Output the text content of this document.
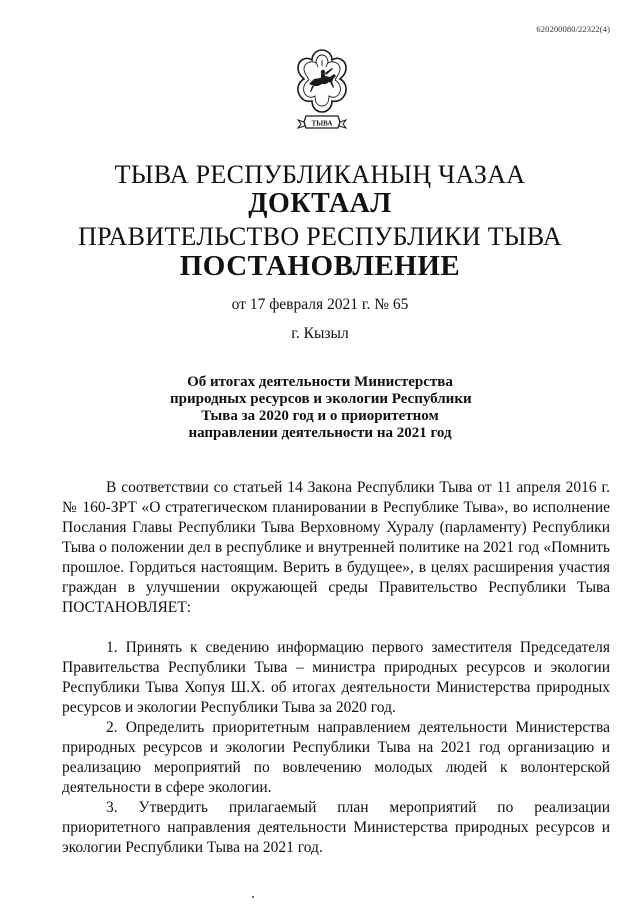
620200080/22322(4)
ТЫВА
ТЫВА РЕСПУБЛИКАНЫҢ ЧАЗАА
ДОКТААЛ
ПРАВИТЕЛЬСТВО РЕСПУБЛИКИ ТЫВА
ПОСТАНОВЛЕНИЕ
от 17 февраля 2021 г. № 65
г. Кызыл
Об итогах деятельности Министерства
природных ресурсов и экологии Республики
Тыва за 2020 год и о приоритетном
направлении деятельности на 2021 год

В соответствии со статьей 14 Закона Республики Тыва от 11 апреля 2016 г. № 160-ЗРТ «О стратегическом планировании в Республике Тыва», во исполнение Послания Главы Республики Тыва Верховному Хуралу (парламенту) Республики Тыва о положении дел в республике и внутренней политике на 2021 год «Помнить прошлое. Гордиться настоящим. Верить в будущее», в целях расширения участия граждан в улучшении окружающей среды Правительство Республики Тыва ПОСТАНОВЛЯЕТ:

1. Принять к сведению информацию первого заместителя Председателя Правительства Республики Тыва – министра природных ресурсов и экологии Республики Тыва Хопуя Ш.Х. об итогах деятельности Министерства природных ресурсов и экологии Республики Тыва за 2020 год.

2. Определить приоритетным направлением деятельности Министерства природных ресурсов и экологии Республики Тыва на 2021 год организацию и реализацию мероприятий по вовлечению молодых людей к волонтерской деятельности в сфере экологии.

3. Утвердить прилагаемый план мероприятий по реализации приоритетного направления деятельности Министерства природных ресурсов и экологии Республики Тыва на 2021 год.
